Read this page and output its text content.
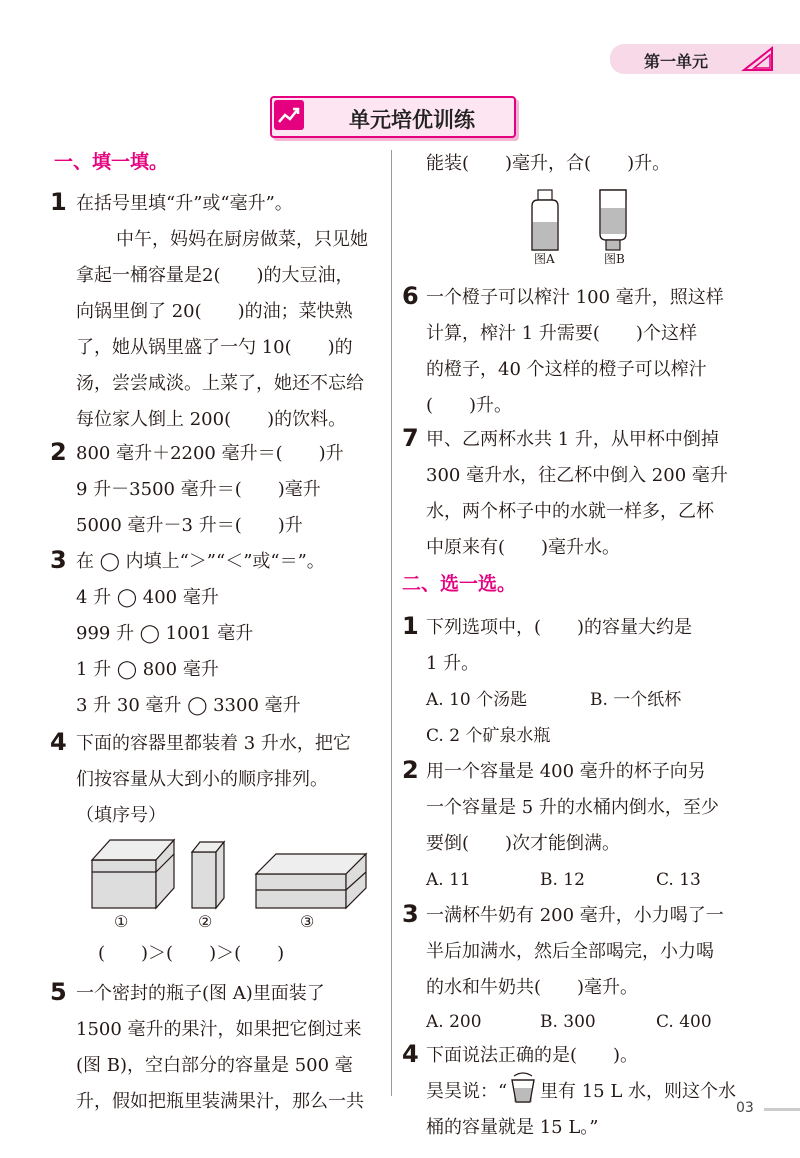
第一单元
单元培优训练
一、填一填。
1 在括号里填“升”或“毫升”。
中午，妈妈在厨房做菜，只见她
拿起一桶容量是2(　　)的大豆油，
向锅里倒了 20(　　)的油；菜快熟
了，她从锅里盛了一勺 10(　　)的
汤，尝尝咸淡。上菜了，她还不忘给
每位家人倒上 200(　　)的饮料。
2 800 毫升＋2200 毫升＝(　　)升
9 升－3500 毫升＝(　　)毫升
5000 毫升－3 升＝(　　)升
3 在 ◯ 内填上“＞”“＜”或“＝”。
4 升 ◯ 400 毫升
999 升 ◯ 1001 毫升
1 升 ◯ 800 毫升
3 升 30 毫升 ◯ 3300 毫升
4 下面的容器里都装着 3 升水，把它
们按容量从大到小的顺序排列。
（填序号）
①	②	③
(　　)＞(　　)＞(　　)
5 一个密封的瓶子(图 A)里面装了
1500 毫升的果汁，如果把它倒过来
(图 B)，空白部分的容量是 500 毫
升，假如把瓶里装满果汁，那么一共
能装(　　)毫升，合(　　)升。
图A	图B
6 一个橙子可以榨汁 100 毫升，照这样
计算，榨汁 1 升需要(　　)个这样
的橙子，40 个这样的橙子可以榨汁
(　　)升。
7 甲、乙两杯水共 1 升，从甲杯中倒掉
300 毫升水，往乙杯中倒入 200 毫升
水，两个杯子中的水就一样多，乙杯
中原来有(　　)毫升水。
二、选一选。
1 下列选项中，(　　)的容量大约是
1 升。
A. 10 个汤匙	B. 一个纸杯
C. 2 个矿泉水瓶
2 用一个容量是 400 毫升的杯子向另
一个容量是 5 升的水桶内倒水，至少
要倒(　　)次才能倒满。
A. 11	B. 12	C. 13
3 一满杯牛奶有 200 毫升，小力喝了一
半后加满水，然后全部喝完，小力喝
的水和牛奶共(　　)毫升。
A. 200	B. 300	C. 400
4 下面说法正确的是(　　)。
昊昊说：“ 里有 15 L 水，则这个水
桶的容量就是 15 L。”
03
